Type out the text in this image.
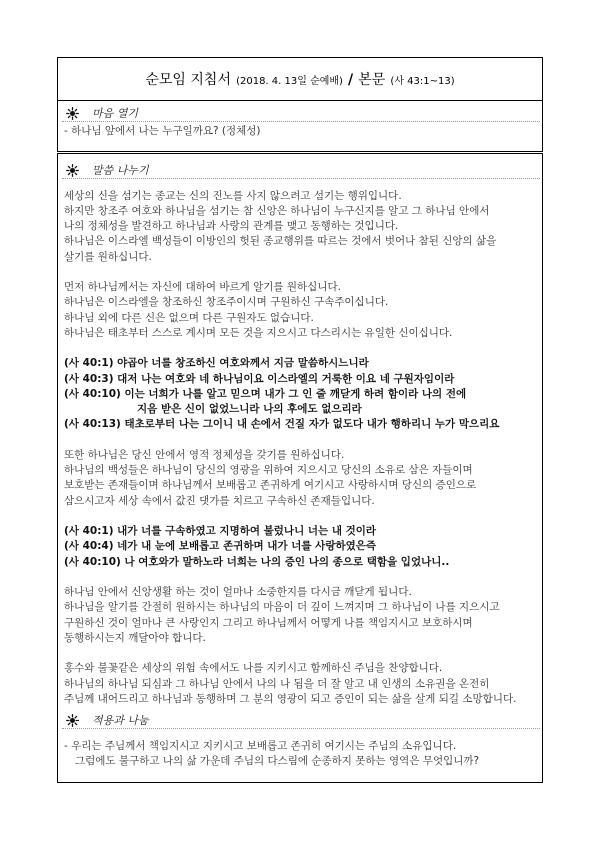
순모임 지침서 (2018. 4. 13일 순예배) / 본문 (사 43:1~13)
마음 열기
- 하나님 앞에서 나는 누구일까요? (정체성)
말씀 나누기
세상의 신을 섬기는 종교는 신의 진노를 사지 않으려고 섬기는 행위입니다.
하지만 창조주 여호와 하나님을 섬기는 참 신앙은 하나님이 누구신지를 알고 그 하나님 안에서
나의 정체성을 발견하고 하나님과 사랑의 관계를 맺고 동행하는 것입니다.
하나님은 이스라엘 백성들이 이방인의 헛된 종교행위를 따르는 것에서 벗어나 참된 신앙의 삶을
살기를 원하십니다.
먼저 하나님께서는 자신에 대하여 바르게 알기를 원하십니다.
하나님은 이스라엘을 창조하신 창조주이시며 구원하신 구속주이십니다.
하나님 외에 다른 신은 없으며 다른 구원자도 없습니다.
하나님은 태초부터 스스로 계시며 모든 것을 지으시고 다스리시는 유일한 신이십니다.
(사 40:1) 야곱아 너를 창조하신 여호와께서 지금 말씀하시느니라
(사 40:3) 대저 나는 여호와 네 하나님이요 이스라엘의 거룩한 이요 네 구원자임이라
(사 40:10) 이는 너희가 나를 알고 믿으며 내가 그 인 줄 깨닫게 하려 함이라 나의 전에
지음 받은 신이 없었느니라 나의 후에도 없으리라
(사 40:13) 태초로부터 나는 그이니 내 손에서 건질 자가 없도다 내가 행하리니 누가 막으리요
또한 하나님은 당신 안에서 영적 정체성을 갖기를 원하십니다.
하나님의 백성들은 하나님이 당신의 영광을 위하여 지으시고 당신의 소유로 삼은 자들이며
보호받는 존재들이며 하나님께서 보배롭고 존귀하게 여기시고 사랑하시며 당신의 증인으로
삼으시고자 세상 속에서 값진 댓가를 치르고 구속하신 존재들입니다.
(사 40:1) 내가 너를 구속하였고 지명하여 불렀나니 너는 내 것이라
(사 40:4) 네가 내 눈에 보배롭고 존귀하며 내가 너를 사랑하였은즉
(사 40:10) 나 여호와가 말하노라 너희는 나의 증인 나의 종으로 택함을 입었나니..
하나님 안에서 신앙생활 하는 것이 얼마나 소중한지를 다시금 깨닫게 됩니다.
하나님을 알기를 간절히 원하시는 하나님의 마음이 더 깊이 느껴지며 그 하나님이 나를 지으시고
구원하신 것이 얼마나 큰 사랑인지 그리고 하나님께서 어떻게 나를 책임지시고 보호하시며
동행하시는지 깨달아야 합니다.
홍수와 불꽃같은 세상의 위험 속에서도 나를 지키시고 함께하신 주님을 찬양합니다.
하나님의 하나님 되심과 그 하나님 안에서 나의 나 됨을 더 잘 알고 내 인생의 소유권을 온전히
주님께 내어드리고 하나님과 동행하며 그 분의 영광이 되고 증인이 되는 삶을 살게 되길 소망합니다.
적용과 나눔
- 우리는 주님께서 책임지시고 지키시고 보배롭고 존귀히 여기시는 주님의 소유입니다.
그럼에도 불구하고 나의 삶 가운데 주님의 다스림에 순종하지 못하는 영역은 무엇입니까?
